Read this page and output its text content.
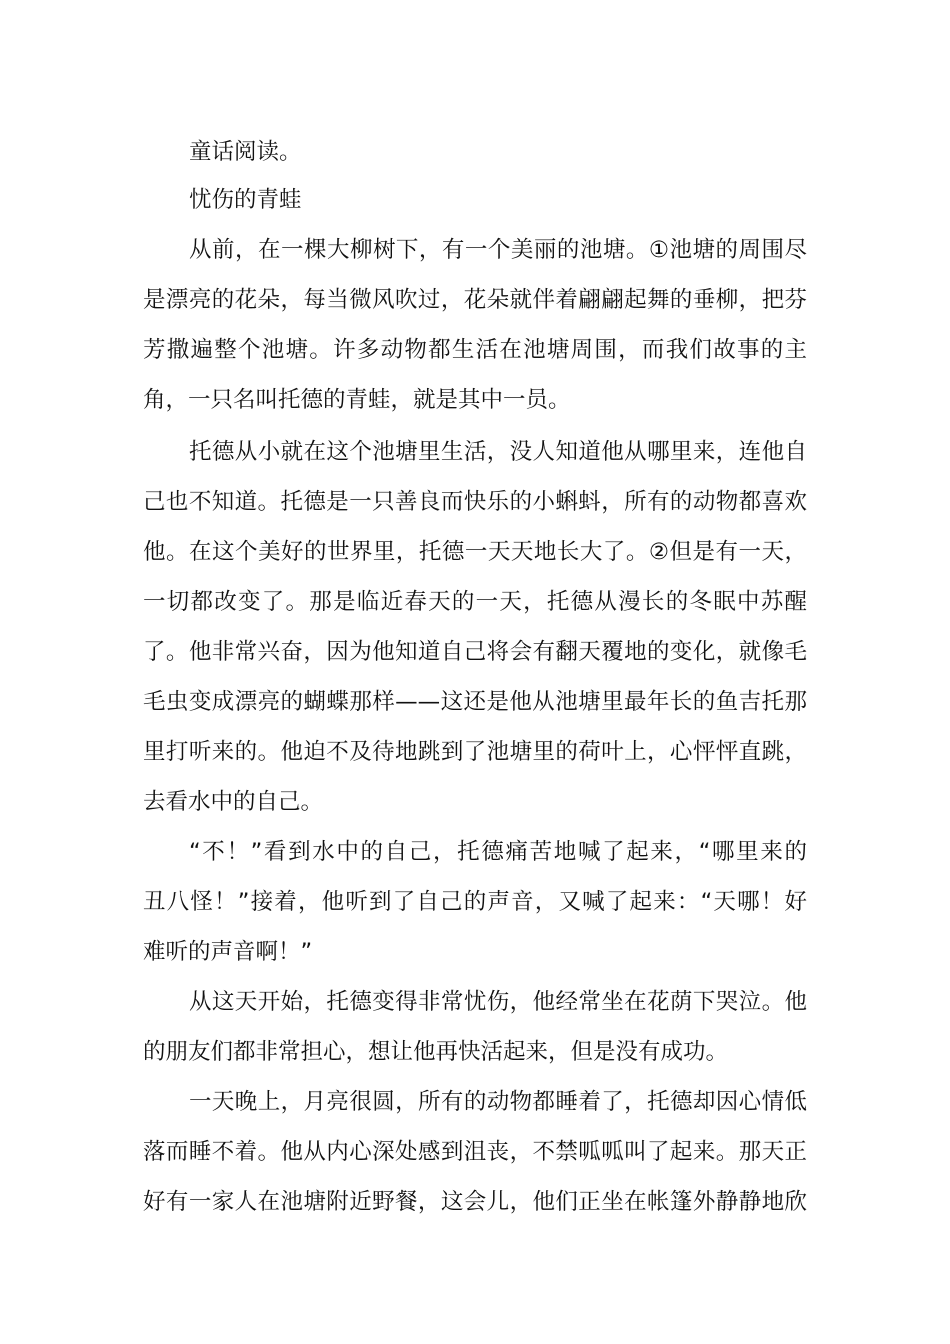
童话阅读。
忧伤的青蛙
从前，在一棵大柳树下，有一个美丽的池塘。①池塘的周围尽
是漂亮的花朵，每当微风吹过，花朵就伴着翩翩起舞的垂柳，把芬
芳撒遍整个池塘。许多动物都生活在池塘周围，而我们故事的主
角，一只名叫托德的青蛙，就是其中一员。
托德从小就在这个池塘里生活，没人知道他从哪里来，连他自
己也不知道。托德是一只善良而快乐的小蝌蚪，所有的动物都喜欢
他。在这个美好的世界里，托德一天天地长大了。②但是有一天，
一切都改变了。那是临近春天的一天，托德从漫长的冬眠中苏醒
了。他非常兴奋，因为他知道自己将会有翻天覆地的变化，就像毛
毛虫变成漂亮的蝴蝶那样——这还是他从池塘里最年长的鱼吉托那
里打听来的。他迫不及待地跳到了池塘里的荷叶上，心怦怦直跳，
去看水中的自己。
“不！”看到水中的自己，托德痛苦地喊了起来，“哪里来的
丑八怪！”接着，他听到了自己的声音，又喊了起来：“天哪！好
难听的声音啊！”
从这天开始，托德变得非常忧伤，他经常坐在花荫下哭泣。他
的朋友们都非常担心，想让他再快活起来，但是没有成功。
一天晚上，月亮很圆，所有的动物都睡着了，托德却因心情低
落而睡不着。他从内心深处感到沮丧，不禁呱呱叫了起来。那天正
好有一家人在池塘附近野餐，这会儿，他们正坐在帐篷外静静地欣
